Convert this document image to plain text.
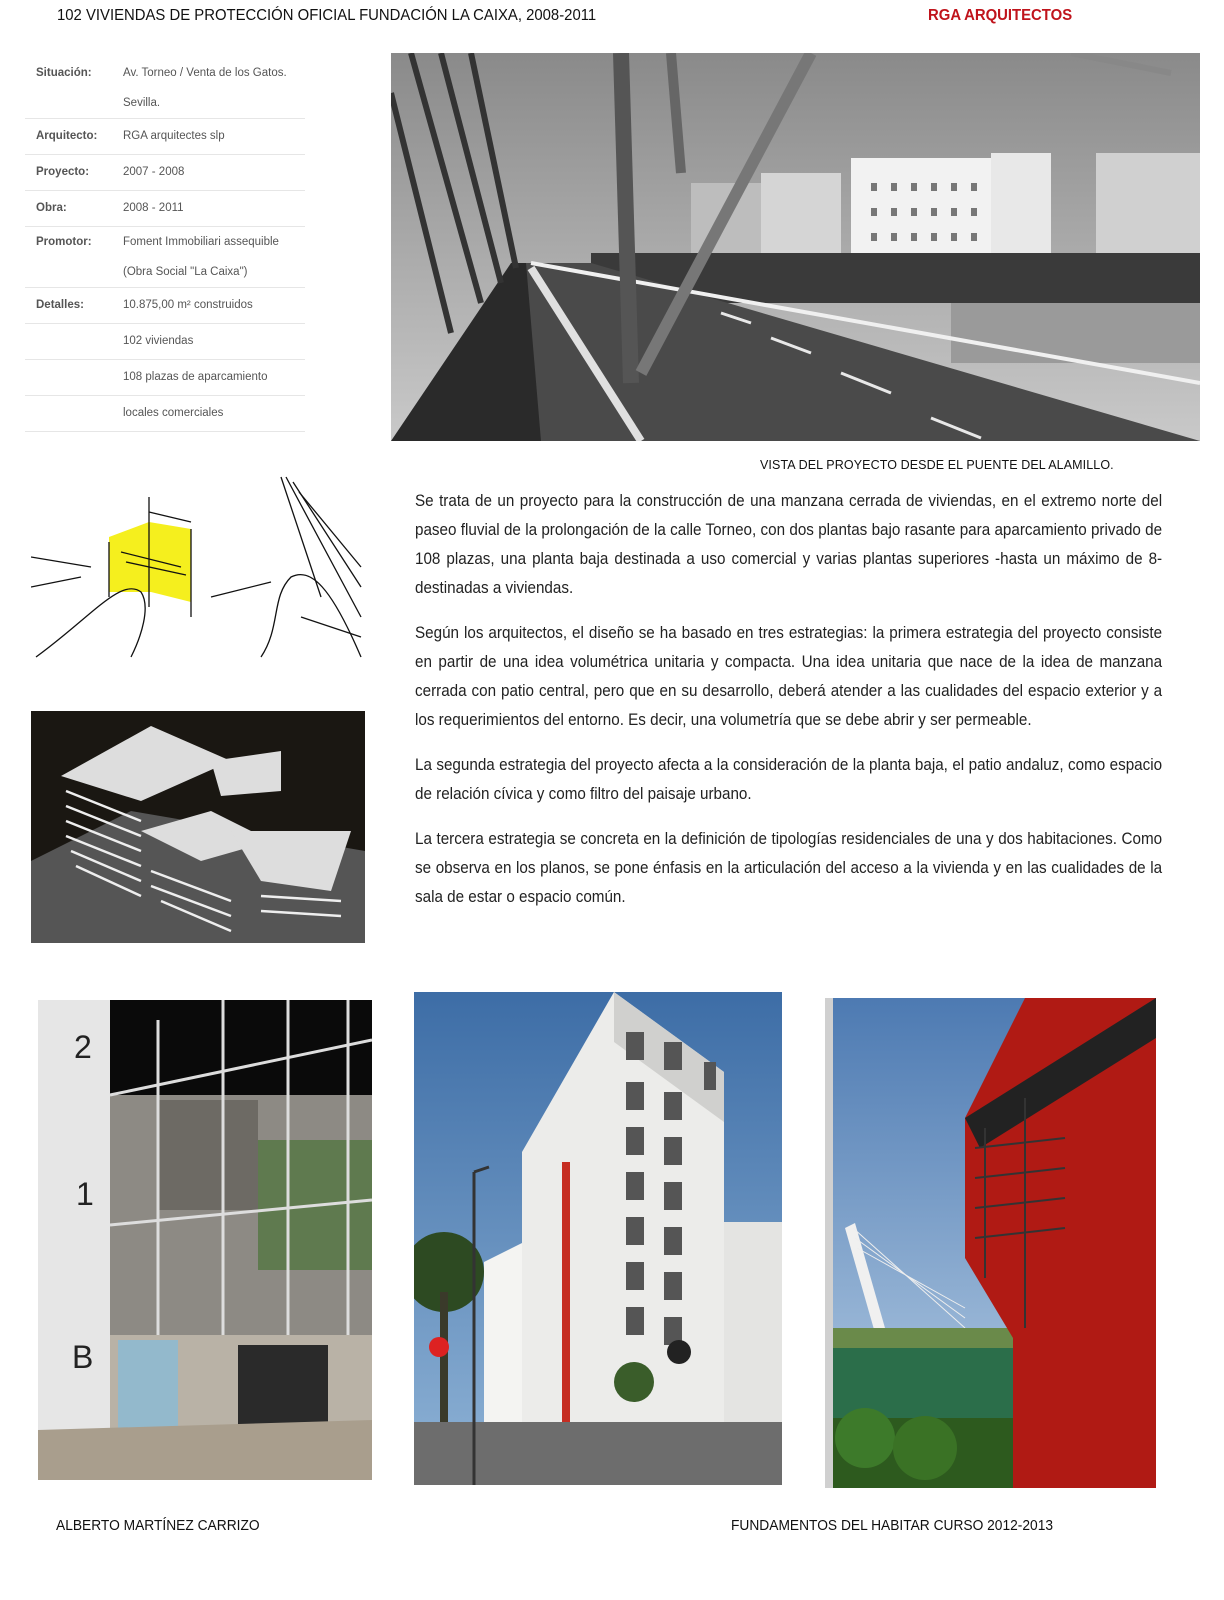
102 VIVIENDAS DE PROTECCIÓN OFICIAL FUNDACIÓN LA CAIXA, 2008-2011	RGA ARQUITECTOS
Situación:	Av. Torneo / Venta de los Gatos.
Sevilla.
Arquitecto:	RGA arquitectes slp
Proyecto:	2007 - 2008
Obra:	2008 - 2011
Promotor:	Foment Immobiliari assequible
(Obra Social "La Caixa")
Detalles:	10.875,00 m² construidos
102 viviendas
108 plazas de aparcamiento
locales comerciales
VISTA DEL PROYECTO DESDE EL PUENTE DEL ALAMILLO.

Se trata de un proyecto para la construcción de una manzana cerrada de viviendas, en el extremo norte del paseo fluvial de la prolongación de la calle Torneo, con dos plantas bajo rasante para aparcamiento privado de 108 plazas, una planta baja destinada a uso comercial y varias plantas superiores -hasta un máximo de 8- destinadas a viviendas.

Según los arquitectos, el diseño se ha basado en tres estrategias: la primera estrategia del proyecto consiste en partir de una idea volumétrica unitaria y compacta. Una idea unitaria que nace de la idea de manzana cerrada con patio central, pero que en su desarrollo, deberá atender a las cualidades del espacio exterior y a los requerimientos del entorno. Es decir, una volumetría que se debe abrir y ser permeable.

La segunda estrategia del proyecto afecta a la consideración de la planta baja, el patio andaluz, como espacio de relación cívica y como filtro del paisaje urbano.

La tercera estrategia se concreta en la definición de tipologías residenciales de una y dos habitaciones. Como se observa en los planos, se pone énfasis en la articulación del acceso a la vivienda y en las cualidades de la sala de estar o espacio común.

2
1
B
ALBERTO MARTÍNEZ CARRIZO	FUNDAMENTOS DEL HABITAR CURSO 2012-2013
